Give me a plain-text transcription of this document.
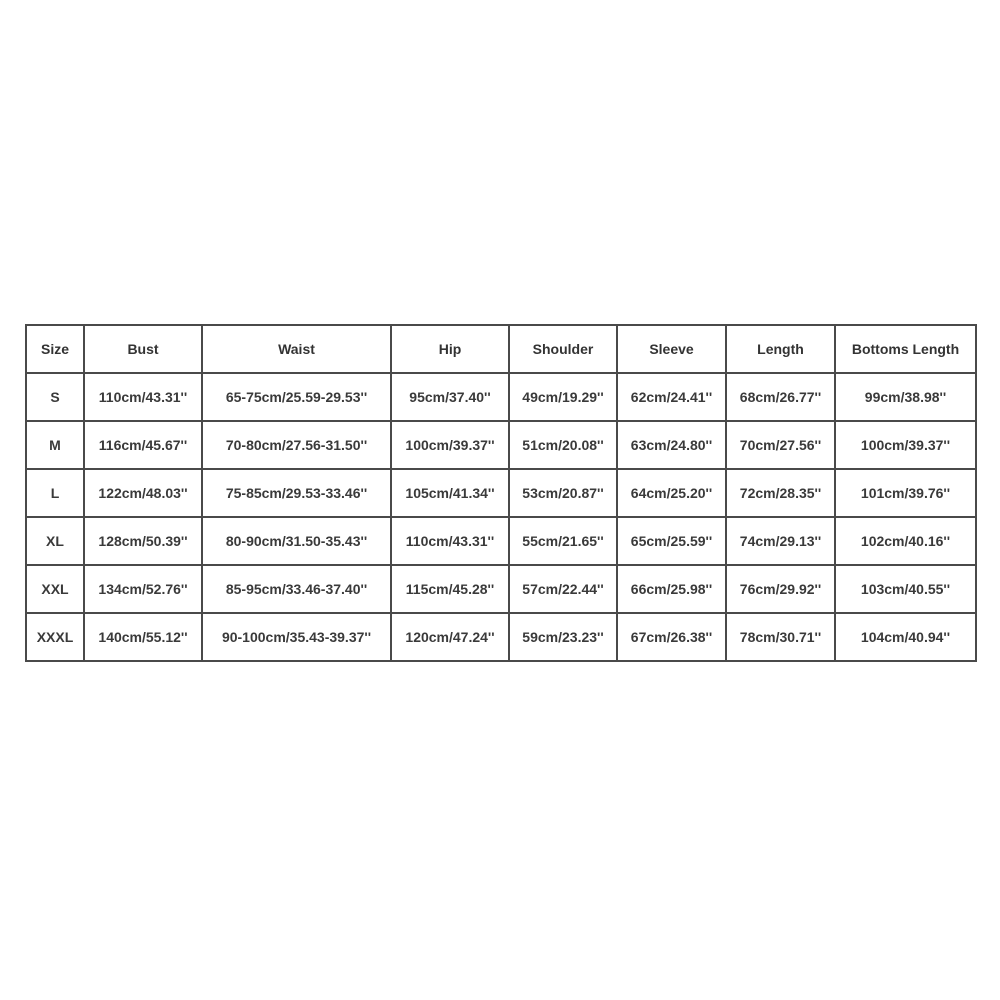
Size	Bust	Waist	Hip	Shoulder	Sleeve	Length	Bottoms Length
S	110cm/43.31''	65-75cm/25.59-29.53''	95cm/37.40''	49cm/19.29''	62cm/24.41''	68cm/26.77''	99cm/38.98''
M	116cm/45.67''	70-80cm/27.56-31.50''	100cm/39.37''	51cm/20.08''	63cm/24.80''	70cm/27.56''	100cm/39.37''
L	122cm/48.03''	75-85cm/29.53-33.46''	105cm/41.34''	53cm/20.87''	64cm/25.20''	72cm/28.35''	101cm/39.76''
XL	128cm/50.39''	80-90cm/31.50-35.43''	110cm/43.31''	55cm/21.65''	65cm/25.59''	74cm/29.13''	102cm/40.16''
XXL	134cm/52.76''	85-95cm/33.46-37.40''	115cm/45.28''	57cm/22.44''	66cm/25.98''	76cm/29.92''	103cm/40.55''
XXXL	140cm/55.12''	90-100cm/35.43-39.37''	120cm/47.24''	59cm/23.23''	67cm/26.38''	78cm/30.71''	104cm/40.94''
